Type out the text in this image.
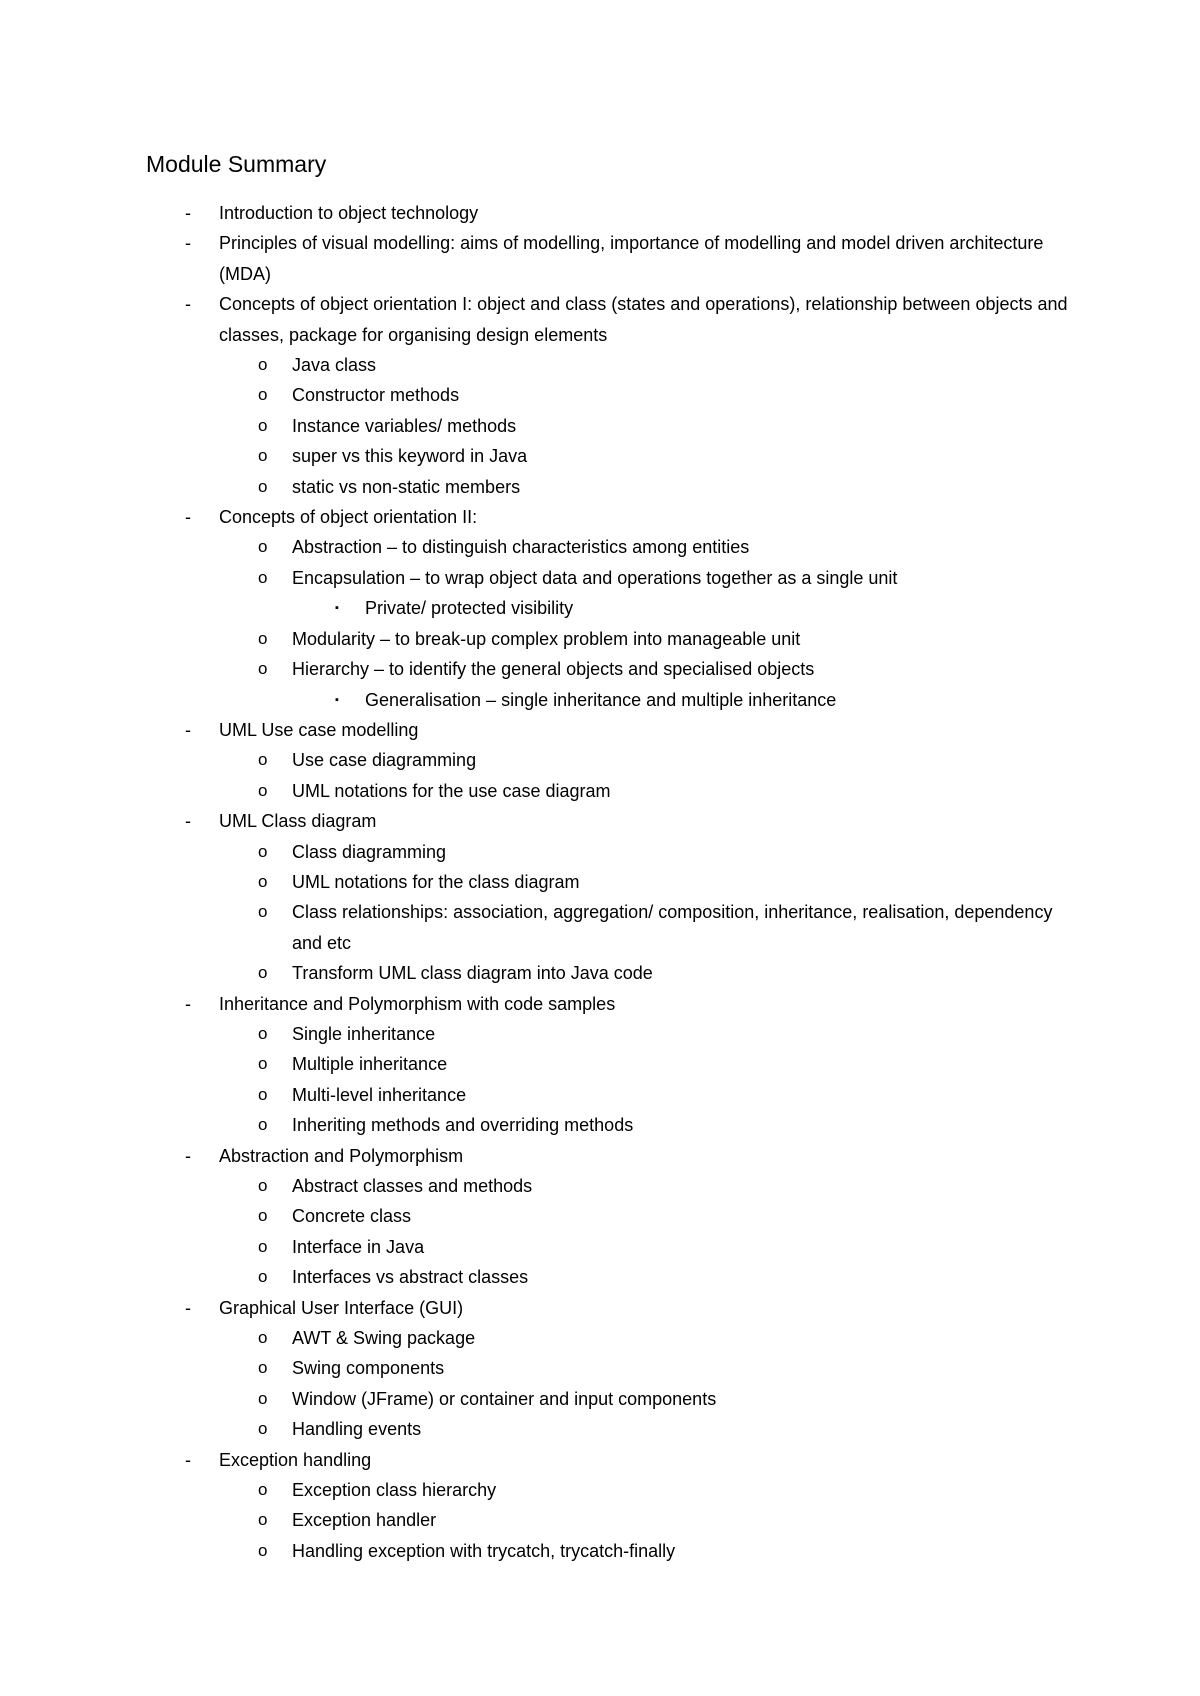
Module Summary
- Introduction to object technology
- Principles of visual modelling: aims of modelling, importance of modelling and model driven architecture (MDA)
- Concepts of object orientation I: object and class (states and operations), relationship between objects and classes, package for organising design elements
o Java class
o Constructor methods
o Instance variables/ methods
o super vs this keyword in Java
o static vs non-static members
- Concepts of object orientation II:
o Abstraction – to distinguish characteristics among entities
o Encapsulation – to wrap object data and operations together as a single unit
▪ Private/ protected visibility
o Modularity – to break-up complex problem into manageable unit
o Hierarchy – to identify the general objects and specialised objects
▪ Generalisation – single inheritance and multiple inheritance
- UML Use case modelling
o Use case diagramming
o UML notations for the use case diagram
- UML Class diagram
o Class diagramming
o UML notations for the class diagram
o Class relationships: association, aggregation/ composition, inheritance, realisation, dependency and etc
o Transform UML class diagram into Java code
- Inheritance and Polymorphism with code samples
o Single inheritance
o Multiple inheritance
o Multi-level inheritance
o Inheriting methods and overriding methods
- Abstraction and Polymorphism
o Abstract classes and methods
o Concrete class
o Interface in Java
o Interfaces vs abstract classes
- Graphical User Interface (GUI)
o AWT & Swing package
o Swing components
o Window (JFrame) or container and input components
o Handling events
- Exception handling
o Exception class hierarchy
o Exception handler
o Handling exception with trycatch, trycatch-finally
